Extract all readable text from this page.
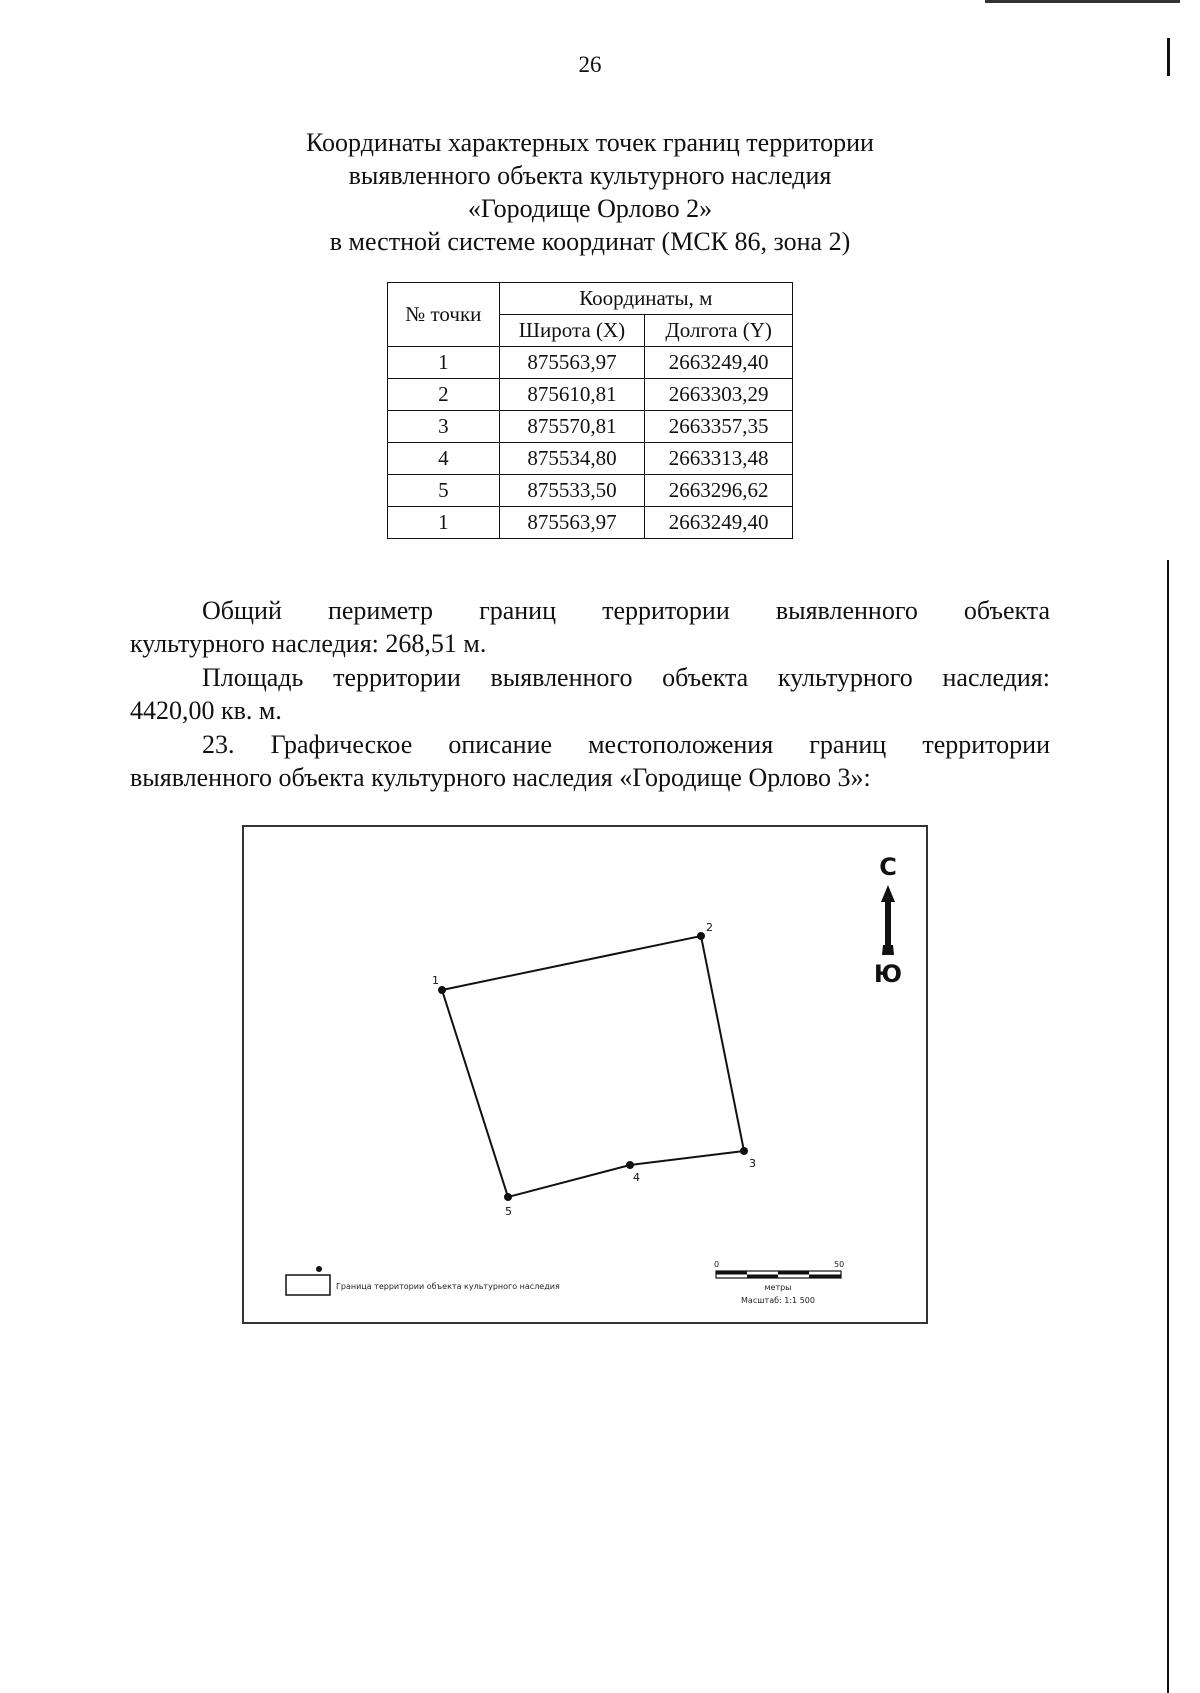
26
Координаты характерных точек границ территории
выявленного объекта культурного наследия
«Городище Орлово 2»
в местной системе координат (МСК 86, зона 2)
№ точки	Координаты, м	
	Широта (X)	Долгота (Y)
1	875563,97	2663249,40
2	875610,81	2663303,29
3	875570,81	2663357,35
4	875534,80	2663313,48
5	875533,50	2663296,62
1	875563,97	2663249,40
Общий периметр границ территории выявленного объекта
культурного наследия: 268,51 м.
Площадь территории выявленного объекта культурного наследия:
4420,00 кв. м.
23. Графическое описание местоположения границ территории
выявленного объекта культурного наследия «Городище Орлово 3»:
1
2
3
4
5
С
Ю
Граница территории объекта культурного наследия
0	50
метры
Масштаб: 1:1 500
